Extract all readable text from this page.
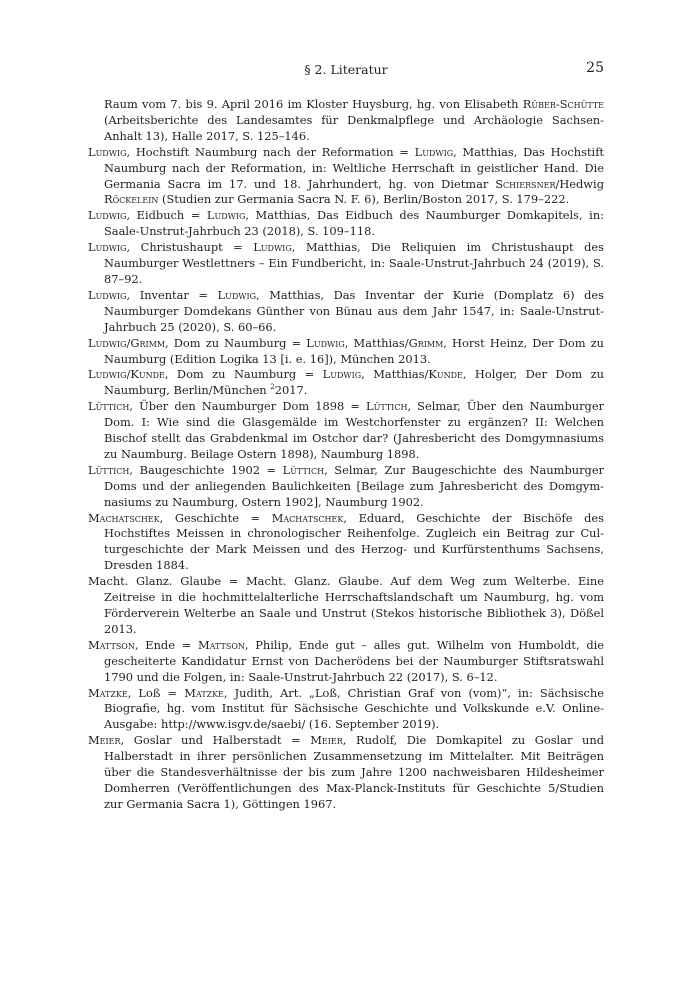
§ 2. Literatur	25

Raum vom 7. bis 9. April 2016 im Kloster Huysburg, hg. von Elisabeth Rüber-Schütte (Arbeitsberichte des Landesamtes für Denkmalpflege und Archäologie Sachsen-Anhalt 13), Halle 2017, S. 125–146.

Ludwig, Hochstift Naumburg nach der Reformation = Ludwig, Matthias, Das Hochstift Naumburg nach der Reformation, in: Weltliche Herrschaft in geistlicher Hand. Die Germania Sacra im 17. und 18. Jahrhundert, hg. von Dietmar Schiersner/Hedwig Röckelein (Studien zur Germania Sacra N. F. 6), Berlin/Boston 2017, S. 179–222.

Ludwig, Eidbuch = Ludwig, Matthias, Das Eidbuch des Naumburger Domkapitels, in: Saale-Unstrut-Jahrbuch 23 (2018), S. 109–118.

Ludwig, Christushaupt = Ludwig, Matthias, Die Reliquien im Christushaupt des Naumburger Westlettners – Ein Fundbericht, in: Saale-Unstrut-Jahrbuch 24 (2019), S. 87–92.

Ludwig, Inventar = Ludwig, Matthias, Das Inventar der Kurie (Domplatz 6) des Naumburger Domdekans Günther von Bünau aus dem Jahr 1547, in: Saale-Unstrut-Jahrbuch 25 (2020), S. 60–66.

Ludwig/Grimm, Dom zu Naumburg = Ludwig, Matthias/Grimm, Horst Heinz, Der Dom zu Naumburg (Edition Logika 13 [i. e. 16]), München 2013.

Ludwig/Kunde, Dom zu Naumburg = Ludwig, Matthias/Kunde, Holger, Der Dom zu Naumburg, Berlin/München $^2$2017.

Lüttich, Über den Naumburger Dom 1898 = Lüttich, Selmar, Über den Naumburger Dom. I: Wie sind die Glasgemälde im Westchorfenster zu ergänzen? II: Welchen Bischof stellt das Grabdenkmal im Ostchor dar? (Jahresbericht des Domgymnasiums zu Naumburg. Beilage Ostern 1898), Naumburg 1898.

Lüttich, Baugeschichte 1902 = Lüttich, Selmar, Zur Baugeschichte des Naumburger Doms und der anliegenden Baulichkeiten [Beilage zum Jahresbericht des Domgym-nasiums zu Naumburg, Ostern 1902], Naumburg 1902.

Machatschek, Geschichte = Machatschek, Eduard, Geschichte der Bischöfe des Hochstiftes Meissen in chronologischer Reihenfolge. Zugleich ein Beitrag zur Cul-turgeschichte der Mark Meissen und des Herzog- und Kurfürstenthums Sachsens, Dresden 1884.

Macht. Glanz. Glaube = Macht. Glanz. Glaube. Auf dem Weg zum Welterbe. Eine Zeitreise in die hochmittelalterliche Herrschaftslandschaft um Naumburg, hg. vom Förderverein Welterbe an Saale und Unstrut (Stekos historische Bibliothek 3), Dößel 2013.

Mattson, Ende = Mattson, Philip, Ende gut – alles gut. Wilhelm von Humboldt, die gescheiterte Kandidatur Ernst von Dacherödens bei der Naumburger Stiftsratswahl 1790 und die Folgen, in: Saale-Unstrut-Jahrbuch 22 (2017), S. 6–12.

Matzke, Loß = Matzke, Judith, Art. „Loß, Christian Graf von (vom)“, in: Sächsische Biografie, hg. vom Institut für Sächsische Geschichte und Volkskunde e.V. Online-Ausgabe: http://www.isgv.de/saebi/ (16. September 2019).

Meier, Goslar und Halberstadt = Meier, Rudolf, Die Domkapitel zu Goslar und Halberstadt in ihrer persönlichen Zusammensetzung im Mittelalter. Mit Beiträgen über die Standesverhältnisse der bis zum Jahre 1200 nachweisbaren Hildesheimer Domherren (Veröffentlichungen des Max-Planck-Instituts für Geschichte 5/Studien zur Germania Sacra 1), Göttingen 1967.
